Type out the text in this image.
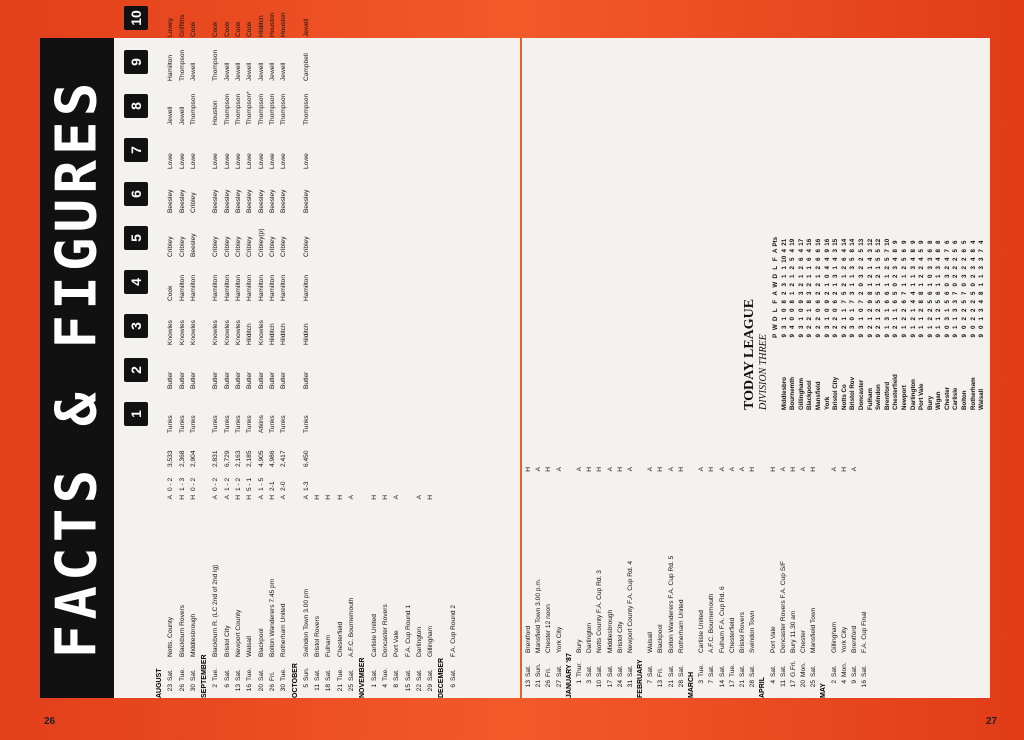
26	27
FACTS & FIGURES 1
2
3
4
5
6
7
8
9
10
AUGUST 23
Sat.
Notts. County
A
0 - 2
3,533
Tunks
Butler
Knowles
Cook
Cribley
Beesley
Lowe
Jewell
Hamilton
Lowey
26
Tue.
Blackburn Rovers
H
1 - 3
2,368
Tunks
Butler
Knowles
Hamilton
Cribley
Beesley
Lowe
Jewell
Thompson
Griffiths
30
Sat.
Middlesbrough
H
0 - 2
2,904
Tunks
Butler
Knowles
Hamilton
Beesley
Cribley
Lowe
Thompson
Jewell
Cook
SEPTEMBER 2
Tue.
Blackburn R. (LC 2nd of 2nd lg)
A
0 - 2
2,831
Tunks
Butler
Knowles
Hamilton
Cribley
Beesley
Lowe
Houston
Thompson
Cook
6
Sat.
Bristol City
A
1 - 2
6,729
Tunks
Butler
Knowles
Hamilton
Cribley
Beesley
Lowe
Thompson
Jewell
Cook
13
Sat.
Newport County
H
1 - 2
2,163
Tunks
Butler
Knowles
Hamilton
Cribley
Beesley
Lowe
Thompson
Jewell
Cook
16
Tue.
Walsall
H
5 - 1
2,185
Tunks
Butler
Hilditch
Hamilton
Cribley
Beesley
Lowe
Thompson*
Jewell
Cook
20
Sat.
Blackpool
A
1 - 5
4,905
Atkins
Butler
Knowles
Hamilton
Cribley(p)
Beesley
Lowe
Thompson
Jewell
Hilditch
26
Fri.
Bolton Wanderers 7.45 pm
H
2-1
4,986
Tunks
Butler
Hilditch
Hamilton
Cribley
Beesley
Lowe
Thompson
Jewell
Houston
30
Tue.
Rotherham United
A
2-0
2,417
Tunks
Butler
Hilditch
Hamilton
Cribley
Beesley
Lowe
Thompson
Jewell
Houston
OCTOBER 5
Sun.
Swindon Town 3.00 pm
A
1-3
6,450
Tunks
Butler
Hilditch
Hamilton
Cribley
Beesley
Lowe
Thompson
Campbell
Jewell
11
Sat.
Bristol Rovers
H
18
Sat.
Fulham
H
21
Tue.
Chesterfield
H
25
Sat.
A.F.C. Bournemouth
A
NOVEMBER 1
Sat.
Carlisle United
H
4
Tue.
Doncaster Rovers
H
8
Sat.
Port Vale
A
15
Sat.
F.A. Cup Round 1
22
Sat.
Darlington
A
29
Sat.
Gillingham
H
DECEMBER 6
Sat.
F.A. Cup Round 2
13
Sat.
Brentford
H
21
Sun.
Mansfield Town 3.00 p.m.
A
26
Fri.
Chester 12 noon
H
27
Sat.
York City
A
JANUARY '87 1
Thur.
Bury
A
3
Sat.
Darlington
H
10
Sat.
Notts County F.A. Cup Rd. 3
H
17
Sat.
Middlesbrough
A
24
Sat.
Bristol City
H
31
Sat.
Newport County F.A. Cup Rd. 4
A
FEBRUARY 7
Sat.
Walsall
A
13
Fri.
Blackpool
H
21
Sat.
Bolton Wanderers F.A. Cup Rd. 5
A
28
Sat.
Rotherham United
H
MARCH 3
Tue.
Carlisle United
A
7
Sat.
A.F.C. Bournemouth
H
14
Sat.
Fulham F.A. Cup Rd. 6
A
17
Tue.
Chesterfield
A
21
Sat.
Bristol Rovers
A
28
Sat.
Swindon Town
H
APRIL 4
Sat.
Port Vale
H
11
Sat.
Doncaster Rovers F.A. Cup S/F
A
17
G.Fri.
Bury 11.30 am
H
20
Mon.
Chester
A
25
Sat.
Mansfield Town
H
MAY
2
Sat.
Gillingham
A
4
Mon.
York City
H
9
Sat.
Brentford
A
16
Sat.
F.A. Cup Final
TODAY LEAGUE DIVISION THREE P
W
D
L
F
A
W
D
L
F
A
Pts
Middlesbro
9
3
1
0
8
2
3
1
1
10
4
21
Bournemth
9
4
0
0
8
1
2
1
2
5
4
19
Gillingham
9
3
1
0
9
3
2
1
2
6
4
17
Blackpool
9
2
2
1
8
3
2
1
1
6
4
16
Mansfield
9
2
2
0
6
2
2
1
2
6
6
16
York
9
3
1
0
9
2
1
0
4
4
9
16
Bristol City
9
2
2
0
6
2
1
3
1
4
3
15
Notts Co
9
2
1
1
7
5
2
1
2
6
4
14
Bristol Rov
9
3
0
1
7
3
1
1
3
5
8
14
Doncaster
9
3
1
0
7
2
0
3
2
2
5
13
Fulham
9
2
1
2
9
8
1
2
1
4
3
12
Swindon
9
2
1
2
5
5
1
2
1
5
5
12
Brentford
9
1
3
1
6
6
1
1
2
5
7
10
Chesterfield
9
2
1
1
6
5
0
2
3
4
8
9
Newport
9
1
2
2
6
7
1
1
2
5
6
9
Darlington
9
1
2
1
4
4
1
1
3
4
8
9
Port Vale
9
1
1
2
8
8
1
2
2
4
5
9
Bury
9
1
2
2
5
6
1
0
3
3
6
8
Wigan
9
1
1
2
5
6
1
1
3
4
8
8
Chester
9
0
3
1
5
6
0
3
2
4
7
6
Carlisle
9
1
1
3
3
7
0
2
2
2
5
6
Bolton
9
0
2
2
5
7
0
3
2
2
6
5
Rotherham
9
0
2
2
2
5
0
2
3
4
8
4
Walsall
9
0
1
3
4
8
1
1
3
3
7
4
